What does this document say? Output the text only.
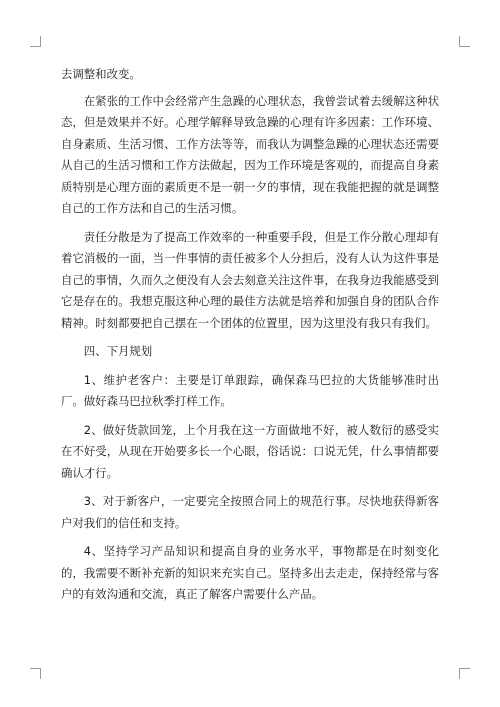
去调整和改变。

在紧张的工作中会经常产生急躁的心理状态，我曾尝试着去缓解这种状态，但是效果并不好。心理学解释导致急躁的心理有许多因素：工作环境、自身素质、生活习惯、工作方法等等，而我认为调整急躁的心理状态还需要从自己的生活习惯和工作方法做起，因为工作环境是客观的，而提高自身素质特别是心理方面的素质更不是一朝一夕的事情，现在我能把握的就是调整自己的工作方法和自己的生活习惯。

责任分散是为了提高工作效率的一种重要手段，但是工作分散心理却有着它消极的一面，当一件事情的责任被多个人分担后，没有人认为这件事是自己的事情，久而久之便没有人会去刻意关注这件事，在我身边我能感受到它是存在的。我想克服这种心理的最佳方法就是培养和加强自身的团队合作精神。时刻都要把自己摆在一个团体的位置里，因为这里没有我只有我们。

四、下月规划

1、维护老客户：主要是订单跟踪，确保森马巴拉的大货能够准时出厂。做好森马巴拉秋季打样工作。

2、做好货款回笼，上个月我在这一方面做地不好，被人数衍的感受实在不好受，从现在开始要多长一个心眼，俗话说：口说无凭，什么事情都要确认才行。

3、对于新客户，一定要完全按照合同上的规范行事。尽快地获得新客户对我们的信任和支持。

4、坚持学习产品知识和提高自身的业务水平，事物都是在时刻变化的，我需要不断补充新的知识来充实自己。坚持多出去走走，保持经常与客户的有效沟通和交流，真正了解客户需要什么产品。
